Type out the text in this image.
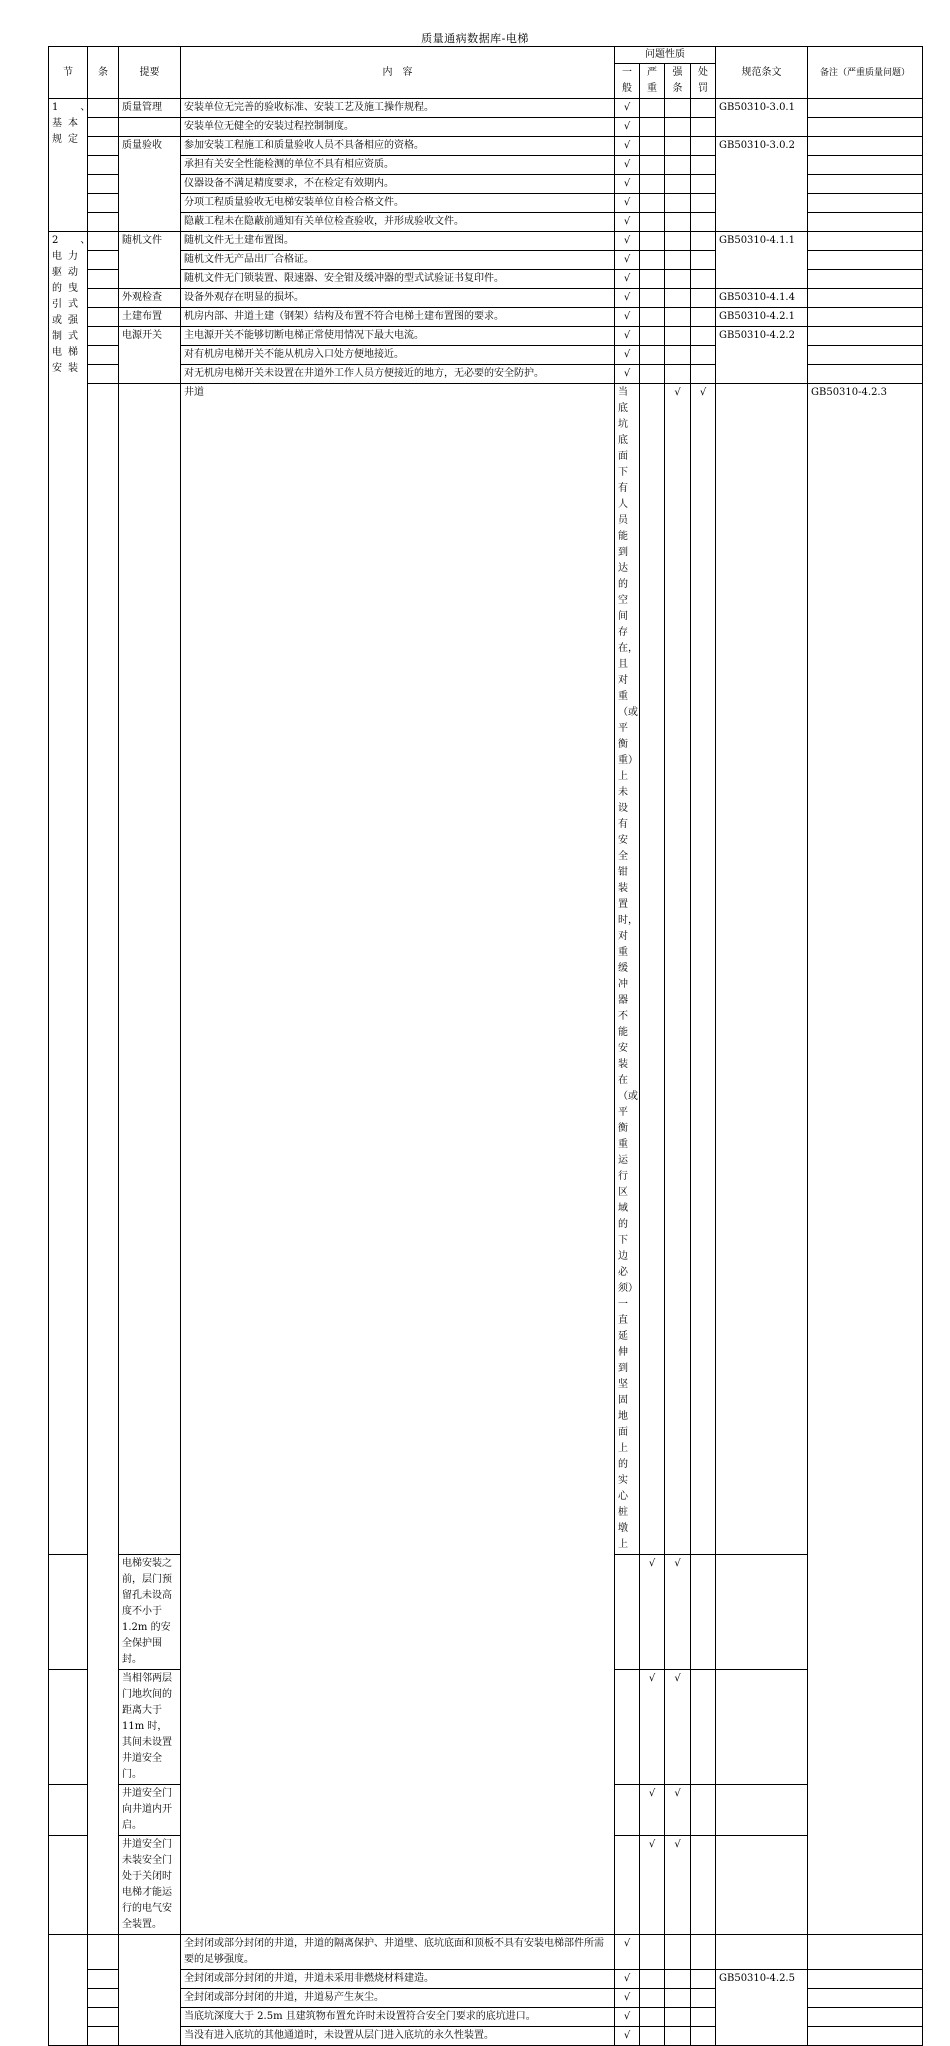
质量通病数据库-电梯
节	条	提要	内　容	问题性质				规范条文	备注（严重质量问题）	
				一般	严重	强条	处罚			
1　、基本规定		质量管理	安装单位无完善的验收标准、安装工艺及施工操作规程。	√				GB50310-3.0.1		
			安装单位无健全的安装过程控制制度。	√						
		质量验收	参加安装工程施工和质量验收人员不具备相应的资格。	√				GB50310-3.0.2		
			承担有关安全性能检测的单位不具有相应资质。	√						
			仪器设备不满足精度要求，不在检定有效期内。	√						
			分项工程质量验收无电梯安装单位自检合格文件。	√						
			隐蔽工程未在隐蔽前通知有关单位检查验收，并形成验收文件。	√						
2　、电力驱动的曳引式或强制式电梯安装		随机文件	随机文件无土建布置图。	√				GB50310-4.1.1		
			随机文件无产品出厂合格证。	√						
			随机文件无门锁装置、限速器、安全钳及缓冲器的型式试验证书复印件。	√						
		外观检查	设备外观存在明显的损坏。	√				GB50310-4.1.4		
		土建布置	机房内部、井道土建（钢架）结构及布置不符合电梯土建布置图的要求。	√				GB50310-4.2.1		
		电源开关	主电源开关不能够切断电梯正常使用情况下最大电流。	√				GB50310-4.2.2		
			对有机房电梯开关不能从机房入口处方便地接近。	√						
			对无机房电梯开关未设置在井道外工作人员方便接近的地方，无必要的安全防护。	√						
			井道	当底坑底面下有人员能到达的空间存在，且对重（或平衡重）上未设有安全钳装置时，对重缓冲器不能安装在（或平衡重运行区域的下边必须）一直延伸到坚固地面上的实心桩墩上		√	√		GB50310-4.2.3	
		电梯安装之前，层门预留孔未设高度不小于 1.2m 的安全保护围封。			√	√				
		当相邻两层门地坎间的距离大于 11m 时，其间未设置井道安全门。			√	√				
		井道安全门向井道内开启。			√	√				
		井道安全门未装安全门处于关闭时电梯才能运行的电气安全装置。			√	√				
			全封闭或部分封闭的井道，井道的隔离保护、井道壁、底坑底面和顶板不具有安装电梯部件所需要的足够强度。	√						
			全封闭或部分封闭的井道，井道未采用非燃烧材料建造。	√				GB50310-4.2.5		
			全封闭或部分封闭的井道，井道易产生灰尘。	√						
			当底坑深度大于 2.5m 且建筑物布置允许时未设置符合安全门要求的底坑进口。	√						
			当没有进入底坑的其他通道时，未设置从层门进入底坑的永久性装置。	√						
